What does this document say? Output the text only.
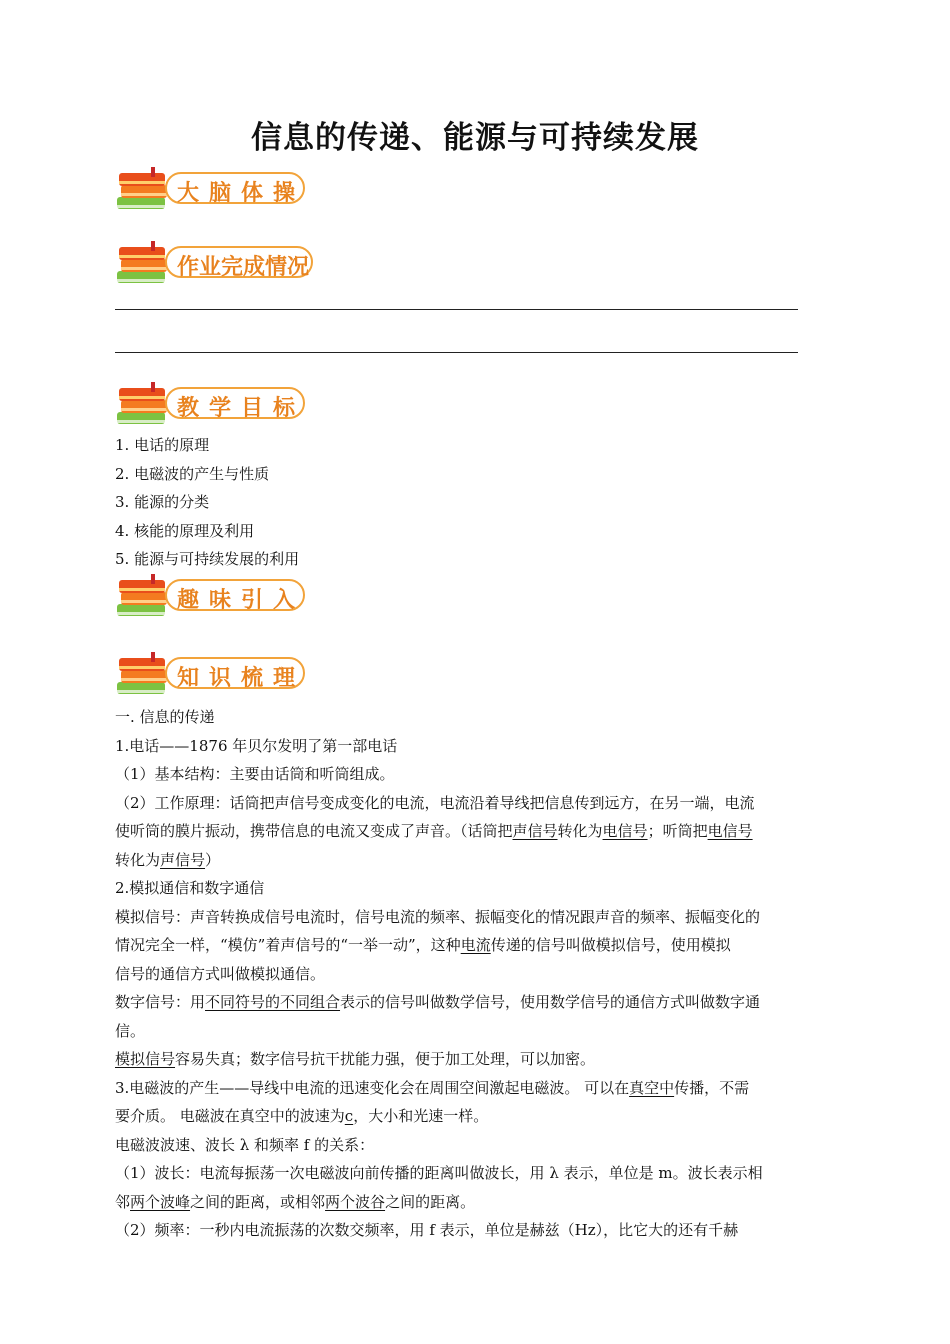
信息的传递、能源与可持续发展
大脑体操
作业完成情况
教学目标
1. 电话的原理
2. 电磁波的产生与性质
3. 能源的分类
4. 核能的原理及利用
5. 能源与可持续发展的利用
趣味引入
知识梳理
一. 信息的传递
1.电话——1876 年贝尔发明了第一部电话
（1）基本结构：主要由话筒和听筒组成。
（2）工作原理：话筒把声信号变成变化的电流，电流沿着导线把信息传到远方，在另一端，电流
使听筒的膜片振动，携带信息的电流又变成了声音。（话筒把声信号转化为电信号；听筒把电信号
转化为声信号）
2.模拟通信和数字通信
模拟信号：声音转换成信号电流时，信号电流的频率、振幅变化的情况跟声音的频率、振幅变化的
情况完全一样，“模仿”着声信号的“一举一动”，这种电流传递的信号叫做模拟信号，使用模拟
信号的通信方式叫做模拟通信。
数字信号：用不同符号的不同组合表示的信号叫做数学信号，使用数学信号的通信方式叫做数字通
信。
模拟信号容易失真；数字信号抗干扰能力强，便于加工处理，可以加密。
3.电磁波的产生——导线中电流的迅速变化会在周围空间激起电磁波。 可以在真空中传播，不需
要介质。 电磁波在真空中的波速为c，大小和光速一样。
电磁波波速、波长 λ 和频率 f 的关系：
（1）波长：电流每振荡一次电磁波向前传播的距离叫做波长，用 λ 表示，单位是 m。波长表示相
邻两个波峰之间的距离，或相邻两个波谷之间的距离。
（2）频率：一秒内电流振荡的次数交频率，用 f 表示，单位是赫兹（Hz），比它大的还有千赫
